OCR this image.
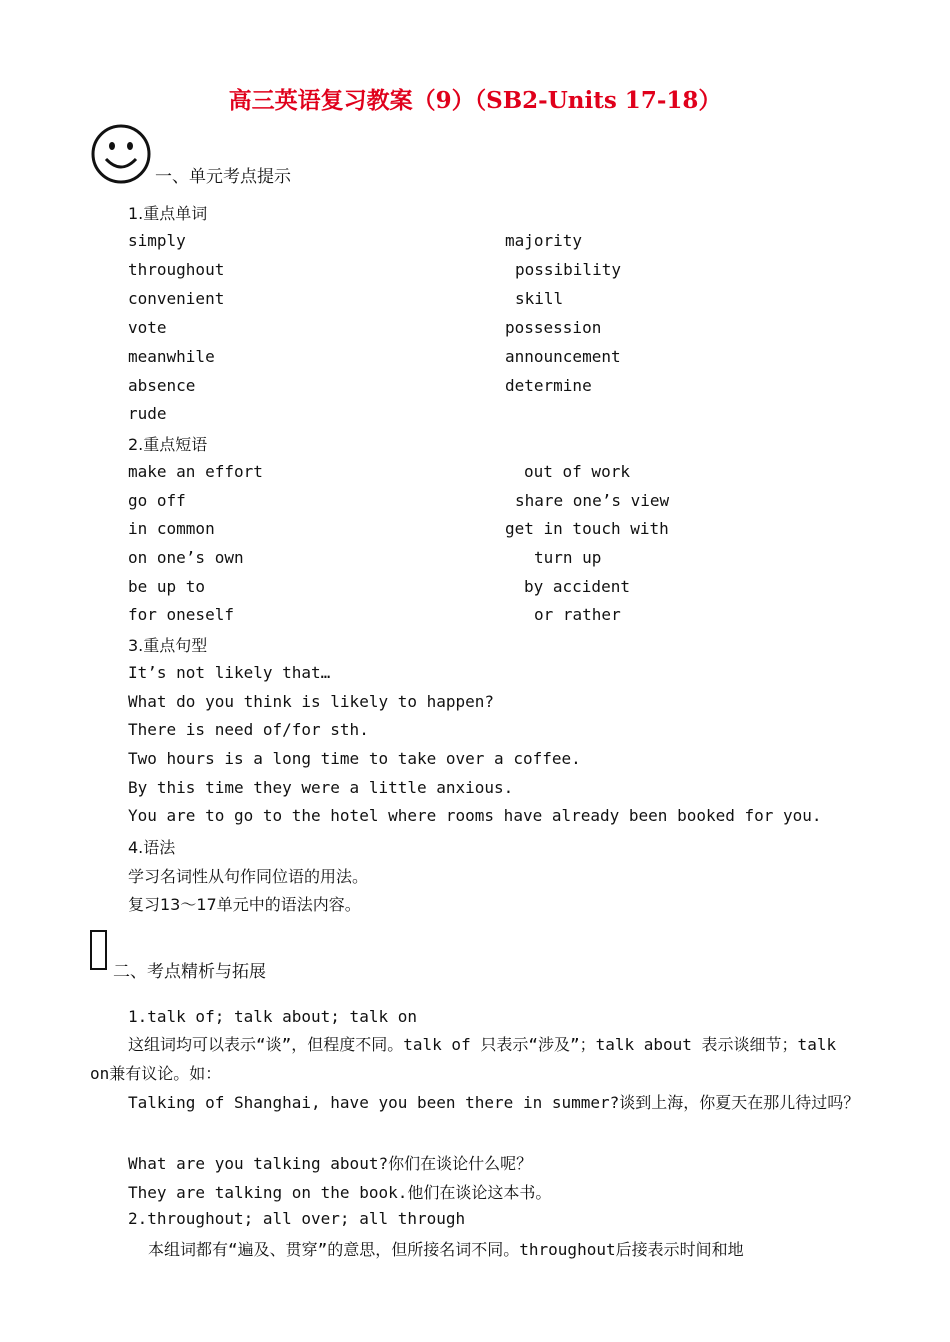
高三英语复习教案（9）（SB2-Units 17-18）
一、单元考点提示
1.重点单词
simply
throughout
convenient
vote
meanwhile
absence
rude
majority
possibility
skill
possession
announcement
determine
2.重点短语
make an effort
go off
in common
on one’s own
be up to
for oneself
out of work
share one’s view
get in touch with
turn up
by accident
or rather
3.重点句型
It’s not likely that…
What do you think is likely to happen?
There is need of/for sth.
Two hours is a long time to take over a coffee.
By this time they were a little anxious.
You are to go to the hotel where rooms have already been booked for you.
4.语法
学习名词性从句作同位语的用法。
复习13～17单元中的语法内容。
二、考点精析与拓展
1.talk of; talk about; talk on
这组词均可以表示“谈”，但程度不同。talk of 只表示“涉及”；talk about 表示谈细节；talk on兼有议论。如：
Talking of Shanghai, have you been there in summer?谈到上海，你夏天在那儿待过吗？
What are you talking about?你们在谈论什么呢？
They are talking on the book.他们在谈论这本书。
2.throughout; all over; all through
本组词都有“遍及、贯穿”的意思，但所接名词不同。throughout后接表示时间和地
